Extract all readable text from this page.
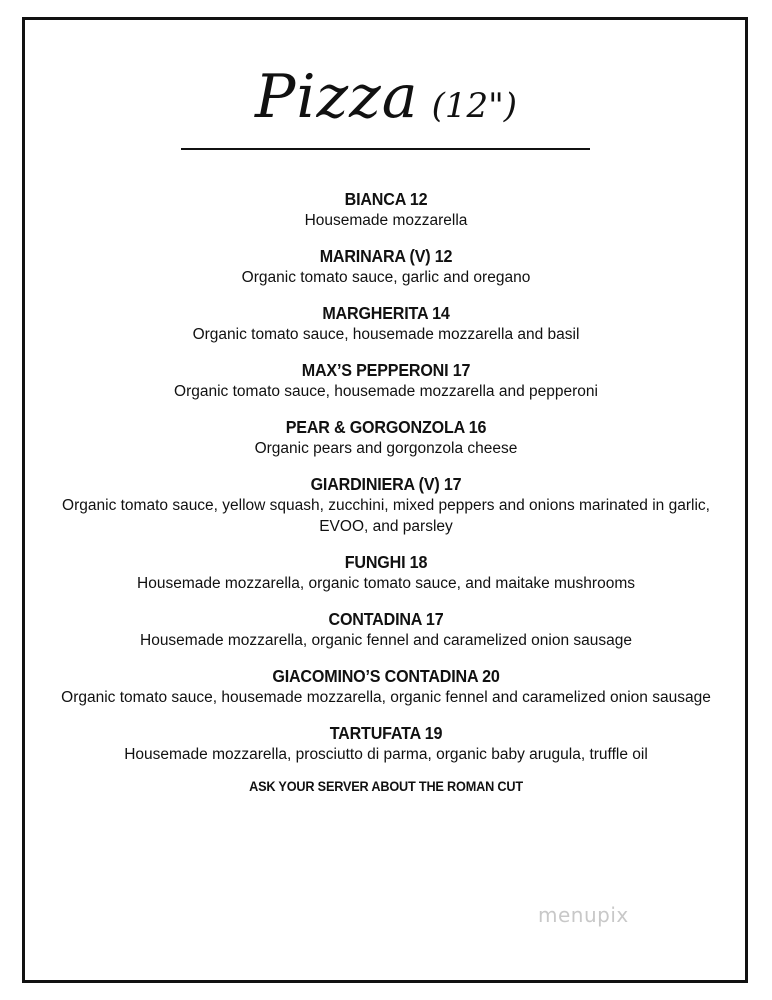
Pizza (12")
BIANCA 12
Housemade mozzarella
MARINARA (V) 12
Organic tomato sauce, garlic and oregano
MARGHERITA 14
Organic tomato sauce, housemade mozzarella and basil
MAX’S PEPPERONI 17
Organic tomato sauce, housemade mozzarella and pepperoni
PEAR & GORGONZOLA 16
Organic pears and gorgonzola cheese
GIARDINIERA (V) 17
Organic tomato sauce, yellow squash, zucchini, mixed peppers and onions marinated in garlic, EVOO, and parsley
FUNGHI 18
Housemade mozzarella, organic tomato sauce, and maitake mushrooms
CONTADINA 17
Housemade mozzarella, organic fennel and caramelized onion sausage
GIACOMINO’S CONTADINA 20
Organic tomato sauce, housemade mozzarella, organic fennel and caramelized onion sausage
TARTUFATA 19
Housemade mozzarella, prosciutto di parma, organic baby arugula, truffle oil
ASK YOUR SERVER ABOUT THE ROMAN CUT
menupix
